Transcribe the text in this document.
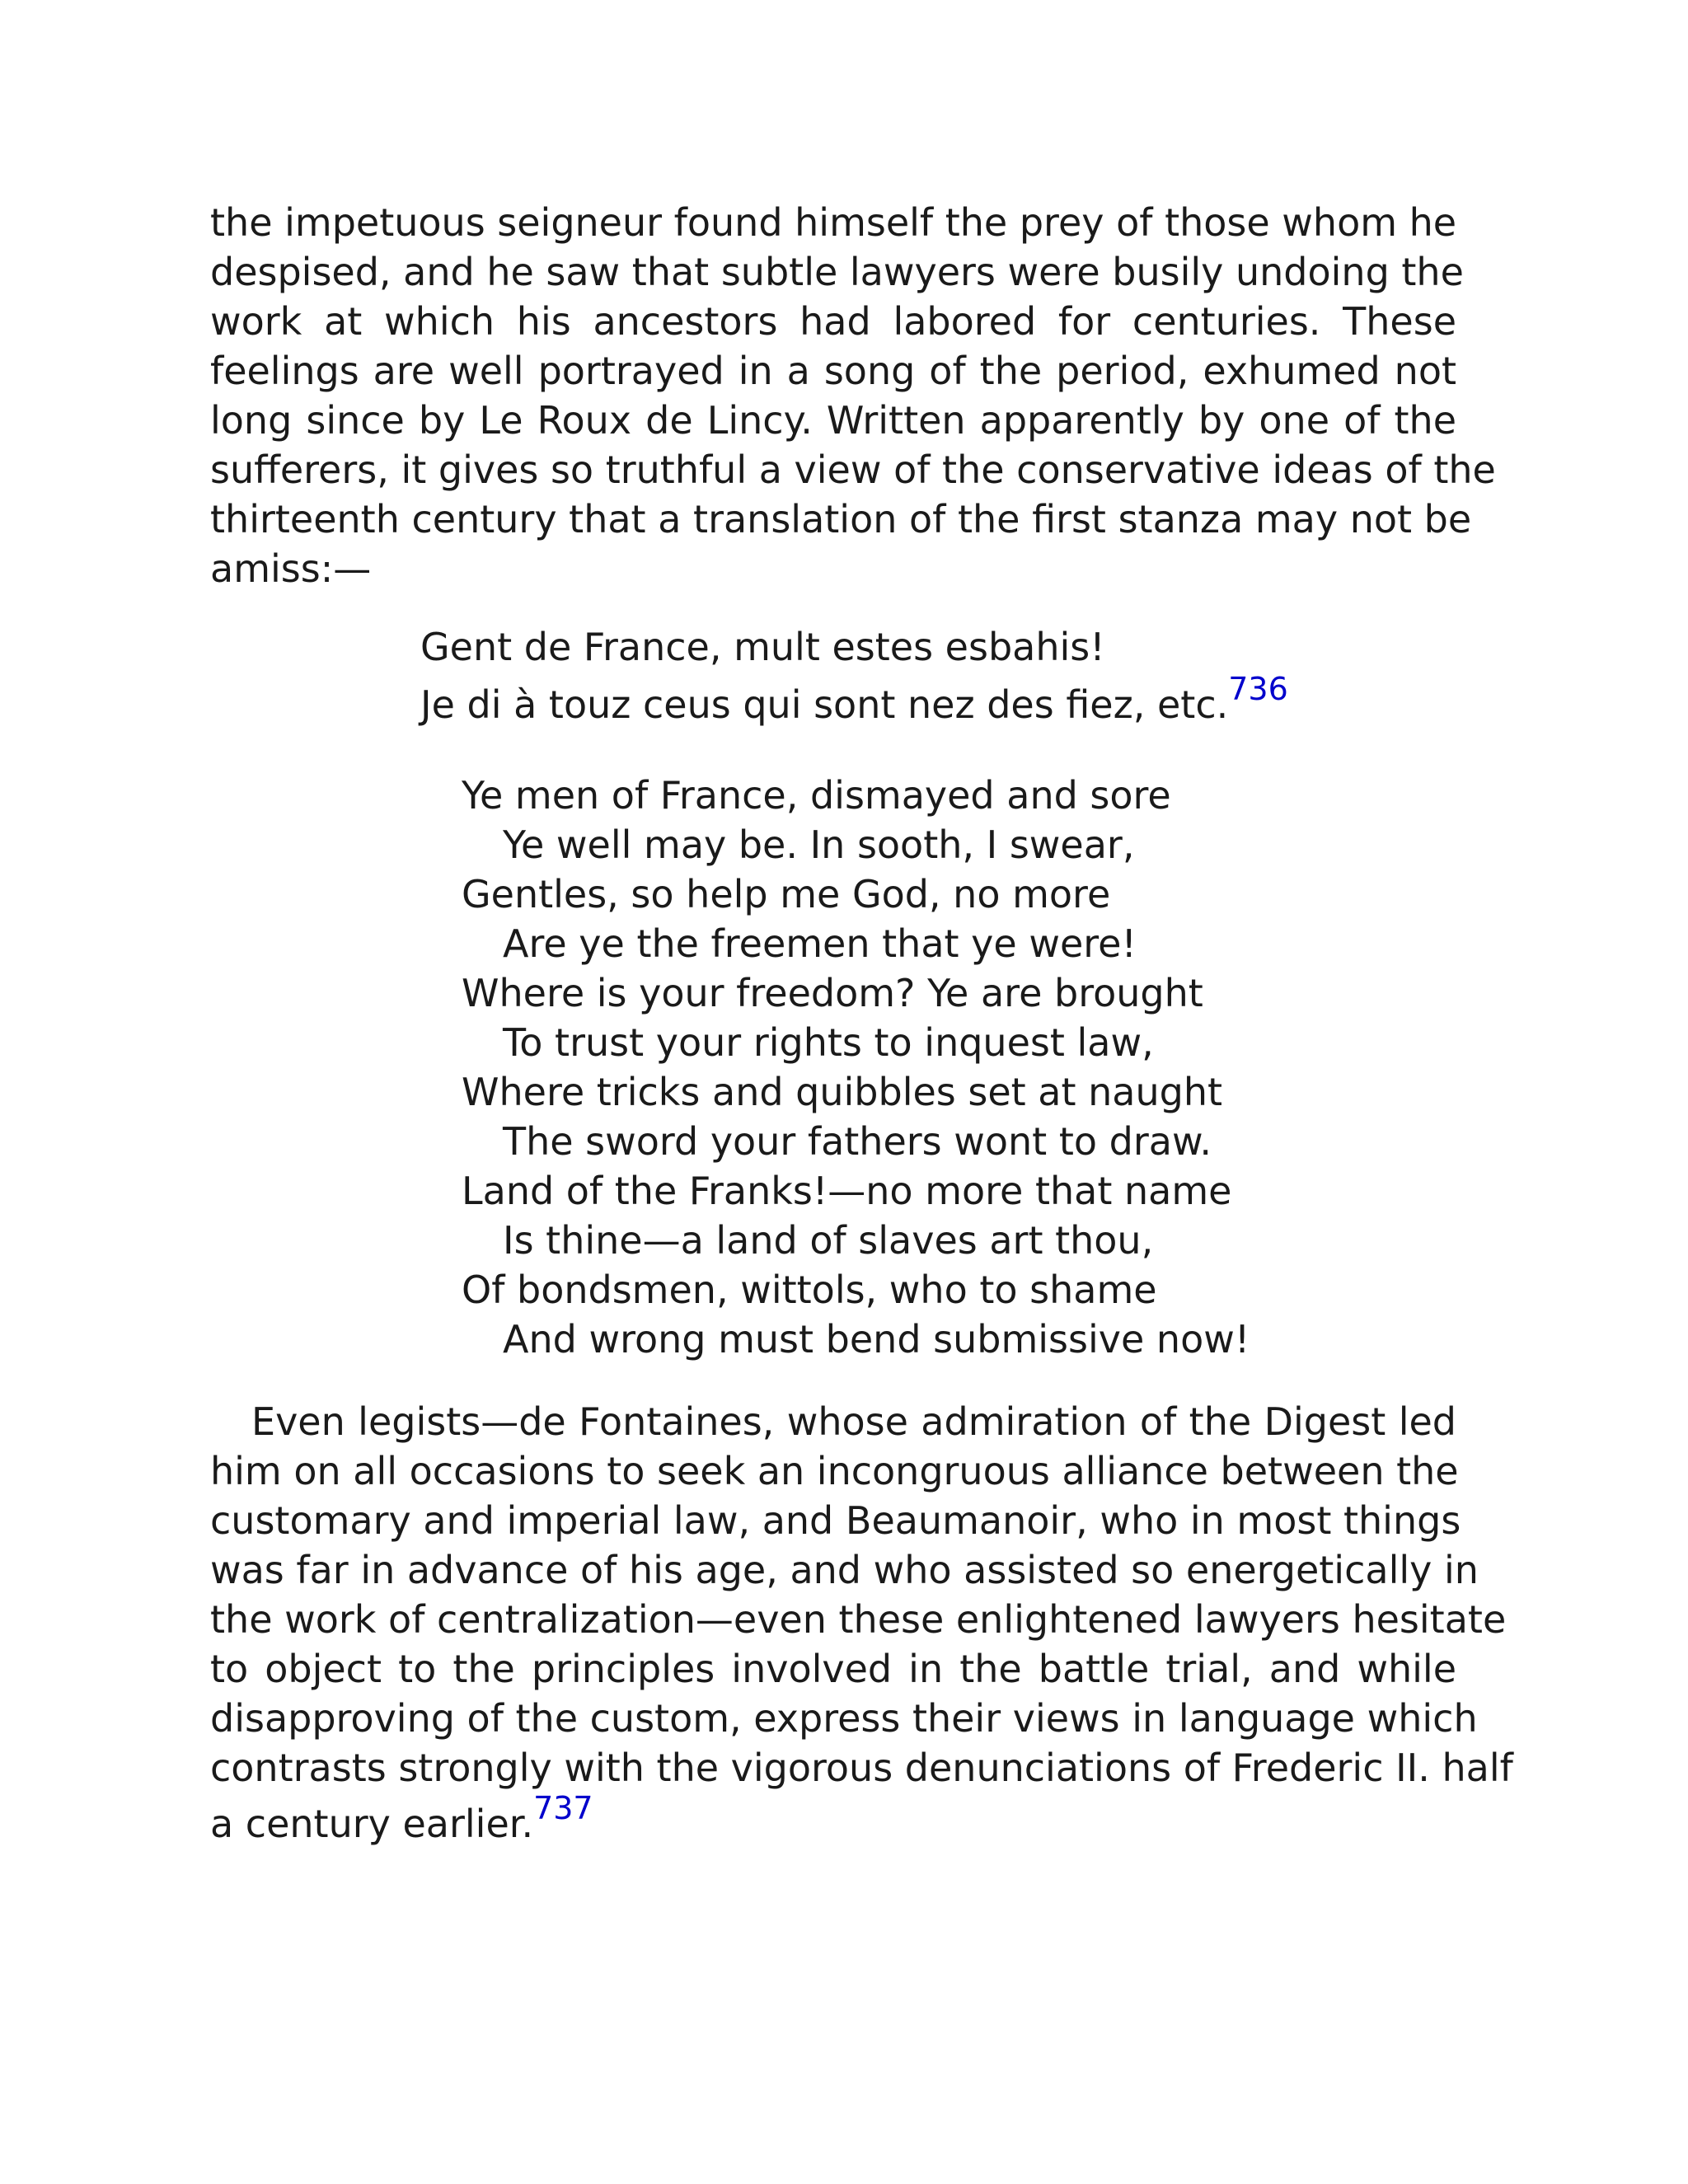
the impetuous seigneur found himself the prey of those whom he
despised, and he saw that subtle lawyers were busily undoing the
work at which his ancestors had labored for centuries. These
feelings are well portrayed in a song of the period, exhumed not
long since by Le Roux de Lincy. Written apparently by one of the
sufferers, it gives so truthful a view of the conservative ideas of the
thirteenth century that a translation of the first stanza may not be
amiss:—
Gent de France, mult estes esbahis!
Je di à touz ceus qui sont nez des fiez, etc.$^{736}$
Ye men of France, dismayed and sore
Ye well may be. In sooth, I swear,
Gentles, so help me God, no more
Are ye the freemen that ye were!
Where is your freedom? Ye are brought
To trust your rights to inquest law,
Where tricks and quibbles set at naught
The sword your fathers wont to draw.
Land of the Franks!—no more that name
Is thine—a land of slaves art thou,
Of bondsmen, wittols, who to shame
And wrong must bend submissive now!
Even legists—de Fontaines, whose admiration of the Digest led
him on all occasions to seek an incongruous alliance between the
customary and imperial law, and Beaumanoir, who in most things
was far in advance of his age, and who assisted so energetically in
the work of centralization—even these enlightened lawyers hesitate
to object to the principles involved in the battle trial, and while
disapproving of the custom, express their views in language which
contrasts strongly with the vigorous denunciations of Frederic II. half
a century earlier.$^{737}$
